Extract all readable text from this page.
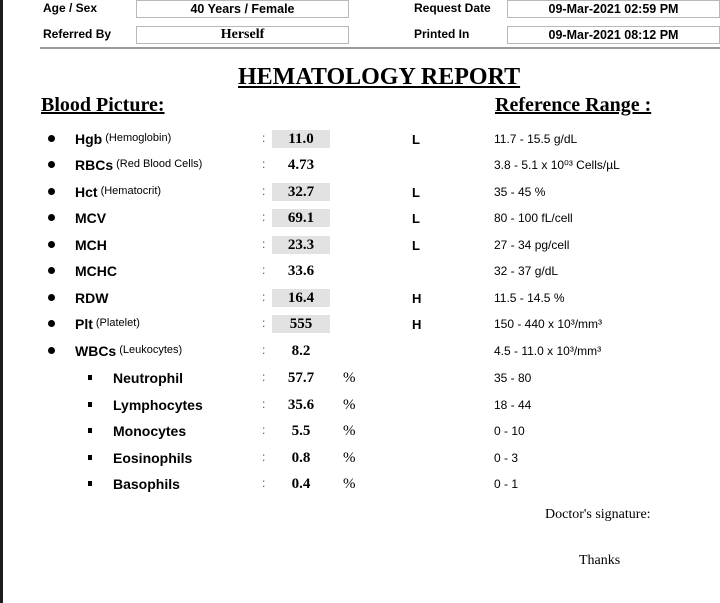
Age / Sex	40 Years / Female	Request Date	09-Mar-2021 02:59 PM
Referred By	Herself	Printed In	09-Mar-2021 08:12 PM
HEMATOLOGY REPORT
Blood Picture:	Reference Range :
Hgb $^{(Hemoglobin)}$	:	11.0	L	11.7 - 15.5 g/dL
RBCs $^{(Red Blood Cells)}$	:	4.73	3.8 - 5.1 x 10⁰³ Cells/µL
Hct $^{(Hematocrit)}$	:	32.7	L	35 - 45 %
MCV	:	69.1	L	80 - 100 fL/cell
MCH	:	23.3	L	27 - 34 pg/cell
MCHC	:	33.6	32 - 37 g/dL
RDW	:	16.4	H	11.5 - 14.5 %
Plt $^{(Platelet)}$	:	555	H	150 - 440 x 10³/mm³
WBCs $^{(Leukocytes)}$	:	8.2	4.5 - 11.0 x 10³/mm³
Neutrophil	:	57.7	%	35 - 80
Lymphocytes	:	35.6	%	18 - 44
Monocytes	:	5.5	%	0 - 10
Eosinophils	:	0.8	%	0 - 3
Basophils	:	0.4	%	0 - 1
Doctor's signature:
Thanks
